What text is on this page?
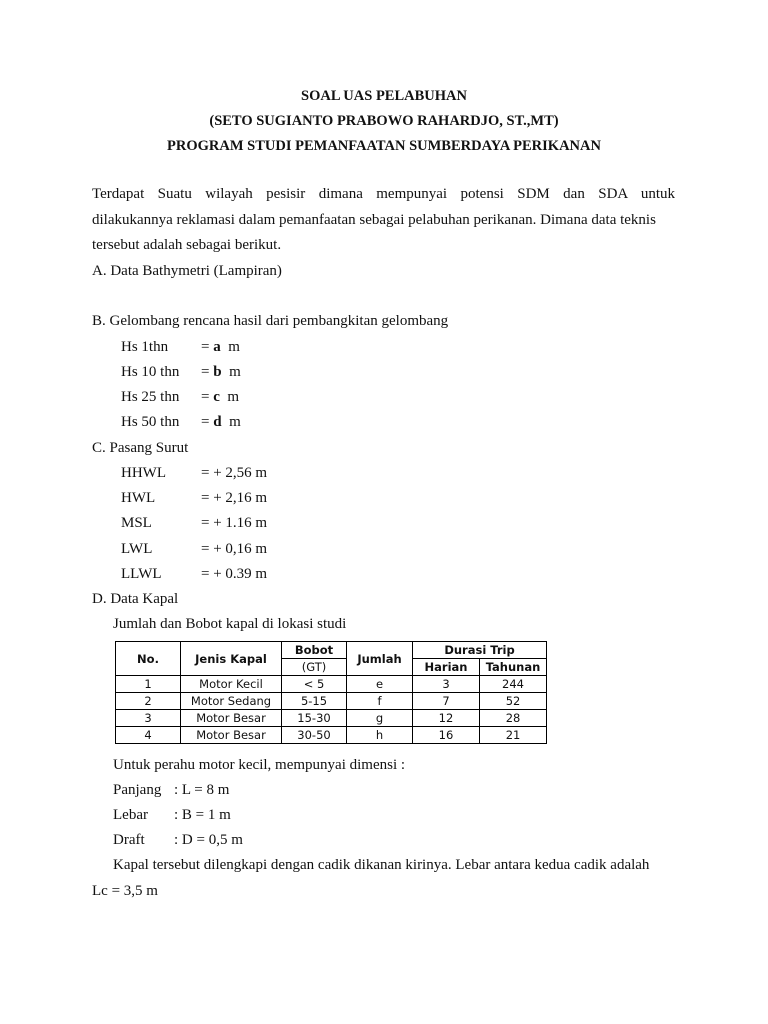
SOAL UAS PELABUHAN
(SETO SUGIANTO PRABOWO RAHARDJO, ST.,MT)
PROGRAM STUDI PEMANFAATAN SUMBERDAYA PERIKANAN
Terdapat Suatu wilayah pesisir dimana mempunyai potensi SDM dan SDA untuk
dilakukannya reklamasi dalam pemanfaatan sebagai pelabuhan perikanan. Dimana data teknis
tersebut adalah sebagai berikut.
A. Data Bathymetri (Lampiran)
B. Gelombang rencana hasil dari pembangkitan gelombang
Hs 1thn = a  m
Hs 10 thn = b  m
Hs 25 thn = c  m
Hs 50 thn = d  m
C. Pasang Surut
HHWL = + 2,56 m
HWL	= + 2,16 m
MSL	= + 1.16 m
LWL	= + 0,16 m
LLWL	= + 0.39 m
D. Data Kapal
Jumlah dan Bobot kapal di lokasi studi
No.	Jenis Kapal	Bobot	Jumlah	Durasi Trip	
		(GT)		Harian	Tahunan
1	Motor Kecil	< 5	e	3	244
2	Motor Sedang	5-15	f	7	52
3	Motor Besar	15-30	g	12	28
4	Motor Besar	30-50	h	16	21
Untuk perahu motor kecil, mempunyai dimensi :
Panjang : L = 8 m
Lebar : B = 1 m
Draft : D = 0,5 m
Kapal tersebut dilengkapi dengan cadik dikanan kirinya. Lebar antara kedua cadik adalah
Lc = 3,5 m
